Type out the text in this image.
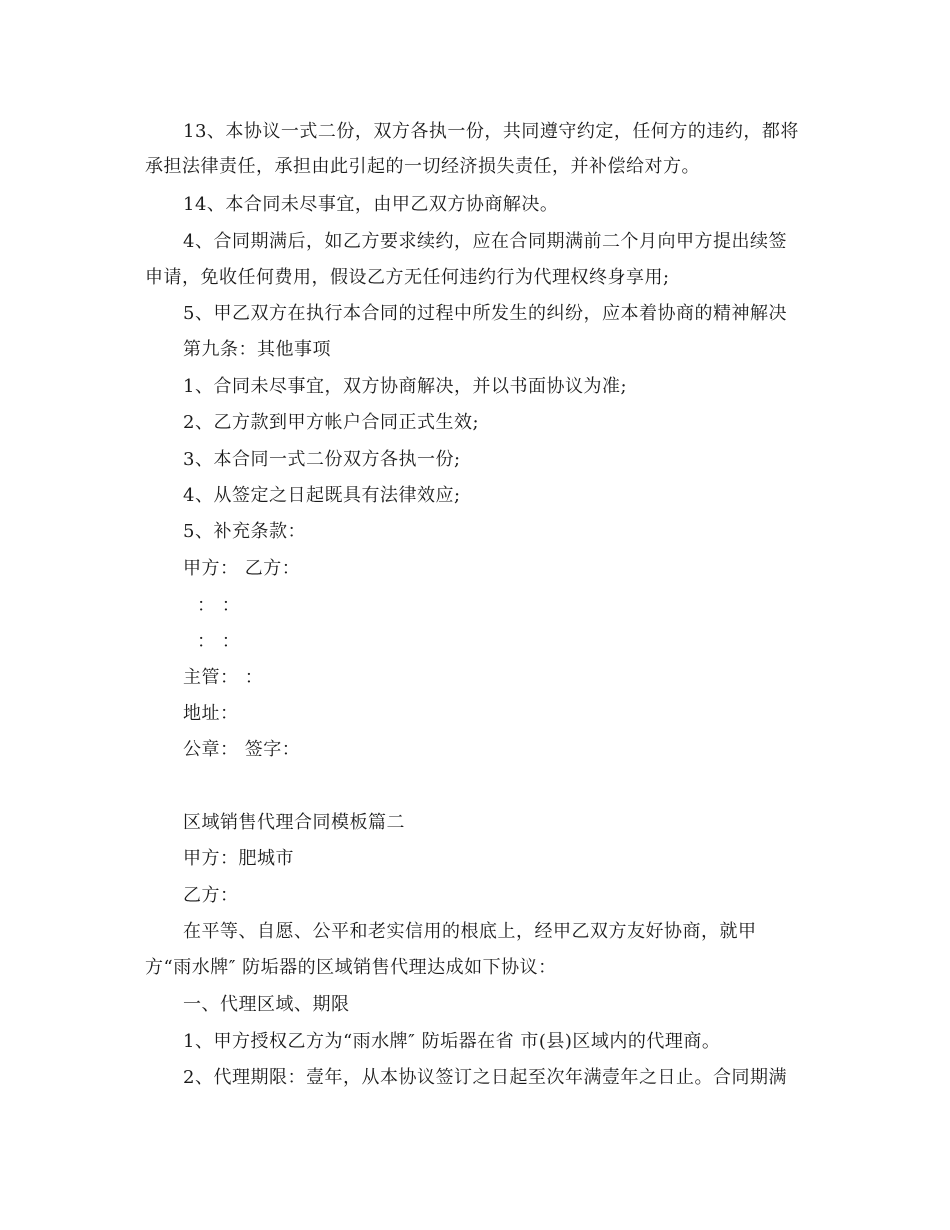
13、本协议一式二份，双方各执一份，共同遵守约定，任何方的违约，都将
承担法律责任，承担由此引起的一切经济损失责任，并补偿给对方。
14、本合同未尽事宜，由甲乙双方协商解决。
4、合同期满后，如乙方要求续约，应在合同期满前二个月向甲方提出续签
申请，免收任何费用，假设乙方无任何违约行为代理权终身享用;
5、甲乙双方在执行本合同的过程中所发生的纠纷，应本着协商的精神解决
第九条：其他事项
1、合同未尽事宜，双方协商解决，并以书面协议为准;
2、乙方款到甲方帐户合同正式生效;
3、本合同一式二份双方各执一份;
4、从签定之日起既具有法律效应;
5、补充条款：
甲方： 乙方：
： ：
： ：
主管： ：
地址：
公章： 签字：
区域销售代理合同模板篇二
甲方：肥城市
乙方：
在平等、自愿、公平和老实信用的根底上，经甲乙双方友好协商，就甲
方“雨水牌″ 防垢器的区域销售代理达成如下协议：
一、代理区域、期限
1、甲方授权乙方为“雨水牌″ 防垢器在省 市(县)区域内的代理商。
2、代理期限：壹年，从本协议签订之日起至次年满壹年之日止。合同期满
